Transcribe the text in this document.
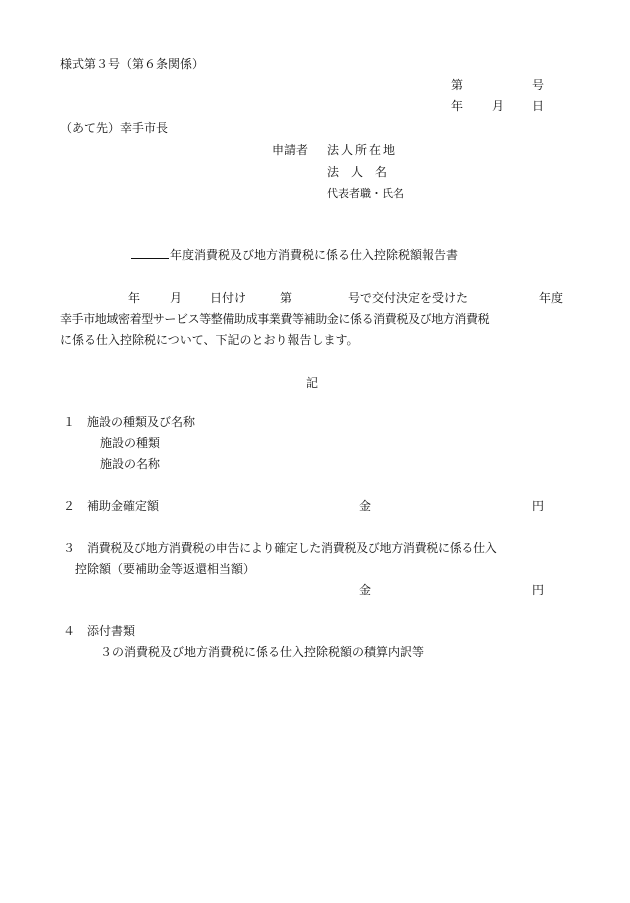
様式第３号（第６条関係）

第	号

年 月 日

（あて先）幸手市長

申請者 法人所在地

法　人　名

代表者職・氏名

年度消費税及び地方消費税に係る仕入控除税額報告書

年 月 日付け	第	号で交付決定を受けた	年度

幸手市地域密着型サービス等整備助成事業費等補助金に係る消費税及び地方消費税

に係る仕入控除税について、下記のとおり報告します。

記

１ 施設の種類及び名称

施設の種類

施設の名称

２ 補助金確定額	金	円

３ 消費税及び地方消費税の申告により確定した消費税及び地方消費税に係る仕入

控除額（要補助金等返還相当額）

金	円

４ 添付書類

３の消費税及び地方消費税に係る仕入控除税額の積算内訳等
